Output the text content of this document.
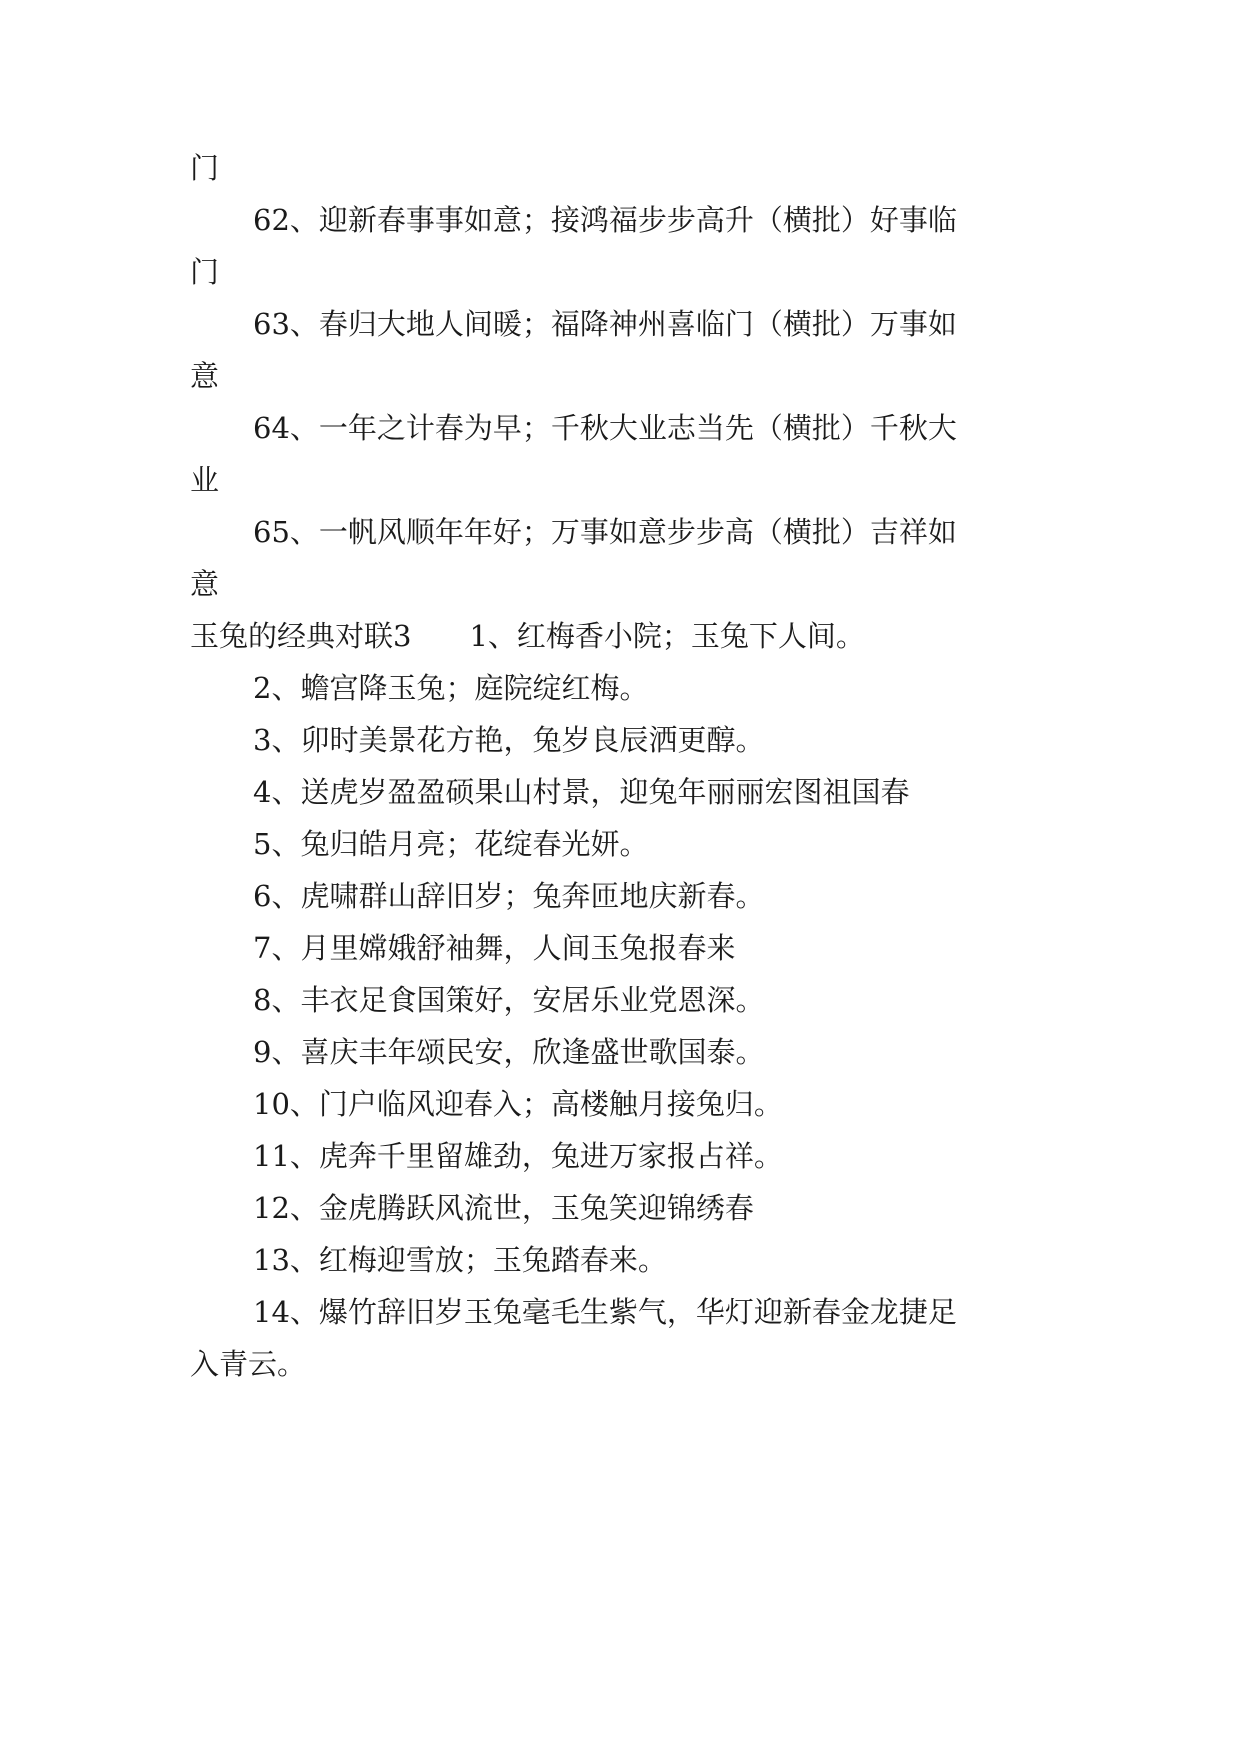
门
62、迎新春事事如意；接鸿福步步高升（横批）好事临
门
63、春归大地人间暖；福降神州喜临门（横批）万事如
意
64、一年之计春为早；千秋大业志当先（横批）千秋大
业
65、一帆风顺年年好；万事如意步步高（横批）吉祥如
意
玉兔的经典对联3 1、红梅香小院；玉兔下人间。
2、蟾宫降玉兔；庭院绽红梅。
3、卯时美景花方艳，兔岁良辰洒更醇。
4、送虎岁盈盈硕果山村景，迎兔年丽丽宏图祖国春
5、兔归皓月亮；花绽春光妍。
6、虎啸群山辞旧岁；兔奔匝地庆新春。
7、月里嫦娥舒袖舞，人间玉兔报春来
8、丰衣足食国策好，安居乐业党恩深。
9、喜庆丰年颂民安，欣逢盛世歌国泰。
10、门户临风迎春入；高楼触月接兔归。
11、虎奔千里留雄劲，兔进万家报占祥。
12、金虎腾跃风流世，玉兔笑迎锦绣春
13、红梅迎雪放；玉兔踏春来。
14、爆竹辞旧岁玉兔毫毛生紫气，华灯迎新春金龙捷足
入青云。
